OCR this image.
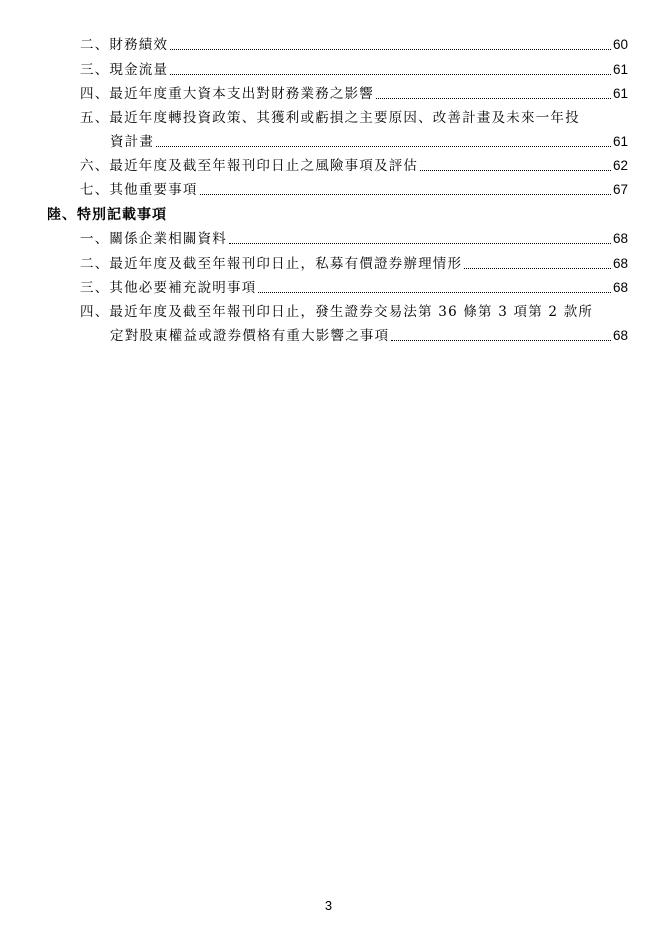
二、財務績效	60
三、現金流量	61
四、最近年度重大資本支出對財務業務之影響	61
五、最近年度轉投資政策、其獲利或虧損之主要原因、改善計畫及未來一年投
資計畫	61
六、最近年度及截至年報刊印日止之風險事項及評估	62
七、其他重要事項	67
陸、特別記載事項
一、關係企業相關資料	68
二、最近年度及截至年報刊印日止，私募有價證券辦理情形	68
三、其他必要補充說明事項	68
四、最近年度及截至年報刊印日止，發生證券交易法第 36 條第 3 項第 2 款所
定對股東權益或證券價格有重大影響之事項	68
3
